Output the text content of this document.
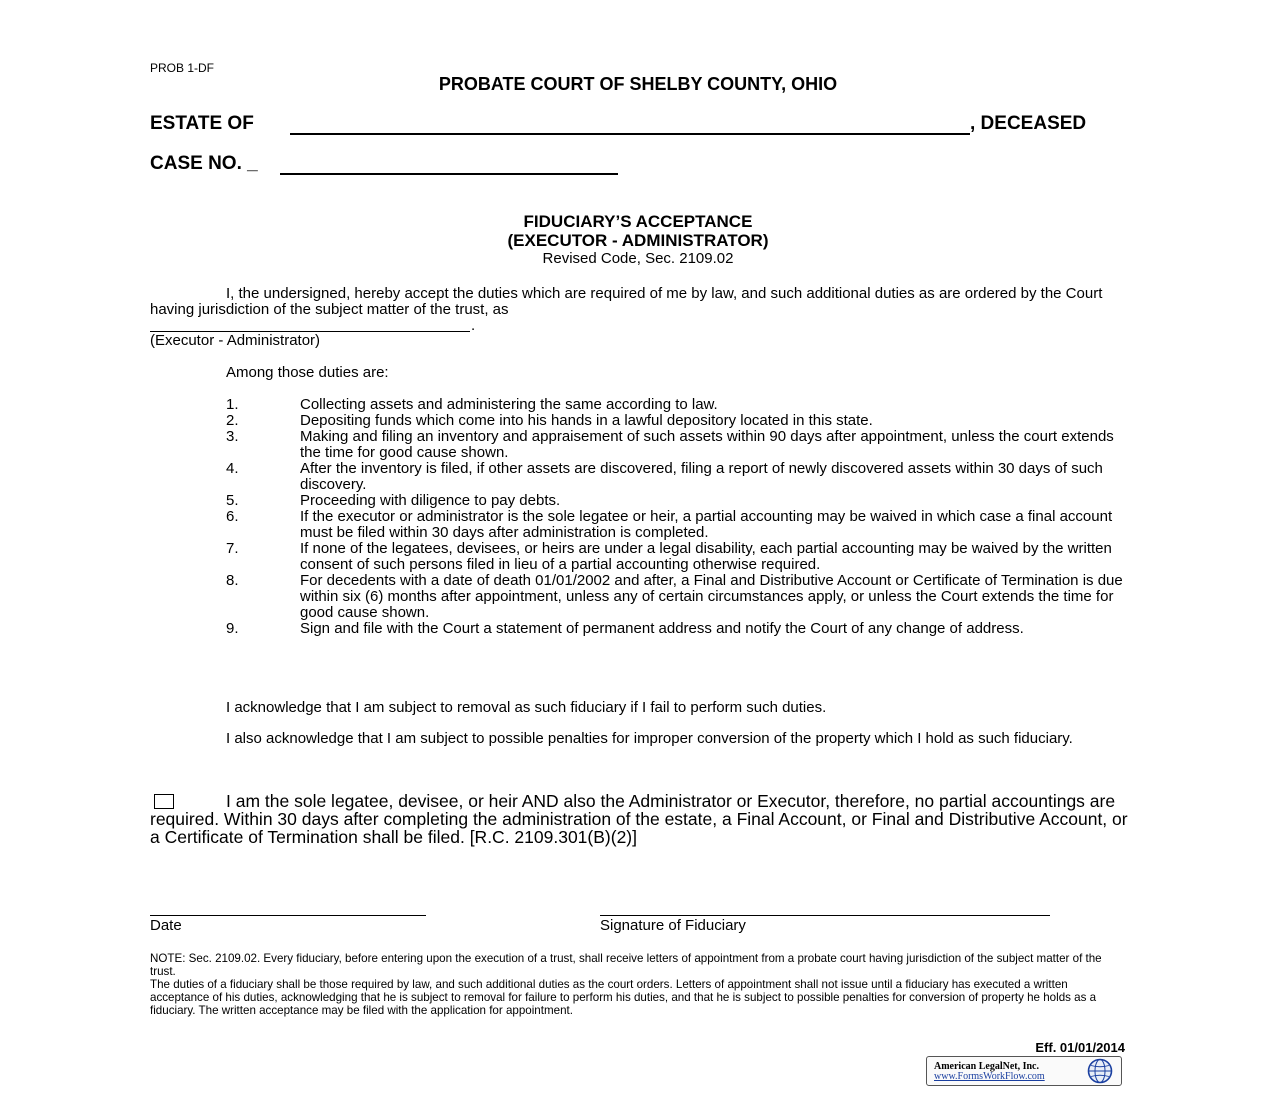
PROB 1-DF
PROBATE COURT OF SHELBY COUNTY, OHIO
ESTATE OF	, DECEASED
CASE NO. _
FIDUCIARY’S ACCEPTANCE
(EXECUTOR - ADMINISTRATOR)
Revised Code, Sec. 2109.02
I, the undersigned, hereby accept the duties which are required of me by law, and such additional duties as are ordered by the Court having jurisdiction of the subject matter of the trust, as
.
(Executor - Administrator)
Among those duties are:
1.	Collecting assets and administering the same according to law.
2.	Depositing funds which come into his hands in a lawful depository located in this state.
3.	Making and filing an inventory and appraisement of such assets within 90 days after appointment, unless the court extends the time for good cause shown.
4.	After the inventory is filed, if other assets are discovered, filing a report of newly discovered assets within 30 days of such discovery.
5.	Proceeding with diligence to pay debts.
6.	If the executor or administrator is the sole legatee or heir, a partial accounting may be waived in which case a final account must be filed within 30 days after administration is completed.
7.	If none of the legatees, devisees, or heirs are under a legal disability, each partial accounting may be waived by the written consent of such persons filed in lieu of a partial accounting otherwise required.
8.	For decedents with a date of death 01/01/2002 and after, a Final and Distributive Account or Certificate of Termination is due within six (6) months after appointment, unless any of certain circumstances apply, or unless the Court extends the time for good cause shown.
9.	Sign and file with the Court a statement of permanent address and notify the Court of any change of address.
I acknowledge that I am subject to removal as such fiduciary if I fail to perform such duties.
I also acknowledge that I am subject to possible penalties for improper conversion of the property which I hold as such fiduciary.
I am the sole legatee, devisee, or heir AND also the Administrator or Executor, therefore, no partial accountings are required. Within 30 days after completing the administration of the estate, a Final Account, or Final and Distributive Account, or a Certificate of Termination shall be filed. [R.C. 2109.301(B)(2)]
Date	Signature of Fiduciary
NOTE: Sec. 2109.02. Every fiduciary, before entering upon the execution of a trust, shall receive letters of appointment from a probate court having jurisdiction of the subject matter of the trust.
The duties of a fiduciary shall be those required by law, and such additional duties as the court orders. Letters of appointment shall not issue until a fiduciary has executed a written acceptance of his duties, acknowledging that he is subject to removal for failure to perform his duties, and that he is subject to possible penalties for conversion of property he holds as a fiduciary. The written acceptance may be filed with the application for appointment.
Eff. 01/01/2014
American LegalNet, Inc.
www.FormsWorkFlow.com
